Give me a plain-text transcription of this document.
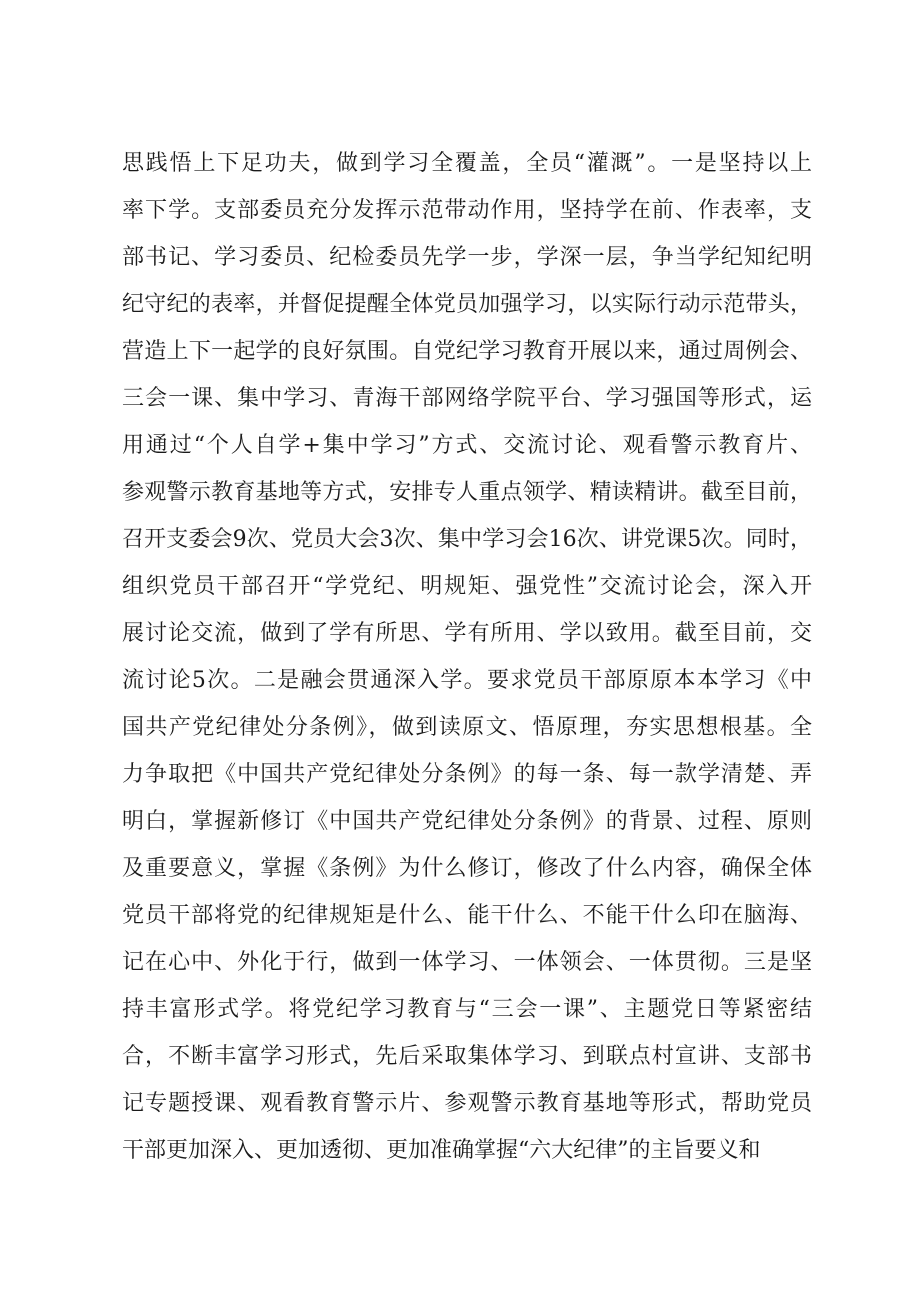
思践悟上下足功夫，做到学习全覆盖，全员“灌溉”。一是坚持以上
率下学。支部委员充分发挥示范带动作用，坚持学在前、作表率，支
部书记、学习委员、纪检委员先学一步，学深一层，争当学纪知纪明
纪守纪的表率，并督促提醒全体党员加强学习，以实际行动示范带头，
营造上下一起学的良好氛围。自党纪学习教育开展以来，通过周例会、
三会一课、集中学习、青海干部网络学院平台、学习强国等形式，运
用通过“个人自学+集中学习”方式、交流讨论、观看警示教育片、
参观警示教育基地等方式，安排专人重点领学、精读精讲。截至目前，
召开支委会9次、党员大会3次、集中学习会16次、讲党课5次。同时，
组织党员干部召开“学党纪、明规矩、强党性”交流讨论会，深入开
展讨论交流，做到了学有所思、学有所用、学以致用。截至目前，交
流讨论5次。二是融会贯通深入学。要求党员干部原原本本学习《中
国共产党纪律处分条例》，做到读原文、悟原理，夯实思想根基。全
力争取把《中国共产党纪律处分条例》的每一条、每一款学清楚、弄
明白，掌握新修订《中国共产党纪律处分条例》的背景、过程、原则
及重要意义，掌握《条例》为什么修订，修改了什么内容，确保全体
党员干部将党的纪律规矩是什么、能干什么、不能干什么印在脑海、
记在心中、外化于行，做到一体学习、一体领会、一体贯彻。三是坚
持丰富形式学。将党纪学习教育与“三会一课”、主题党日等紧密结
合，不断丰富学习形式，先后采取集体学习、到联点村宣讲、支部书
记专题授课、观看教育警示片、参观警示教育基地等形式，帮助党员
干部更加深入、更加透彻、更加准确掌握“六大纪律”的主旨要义和
